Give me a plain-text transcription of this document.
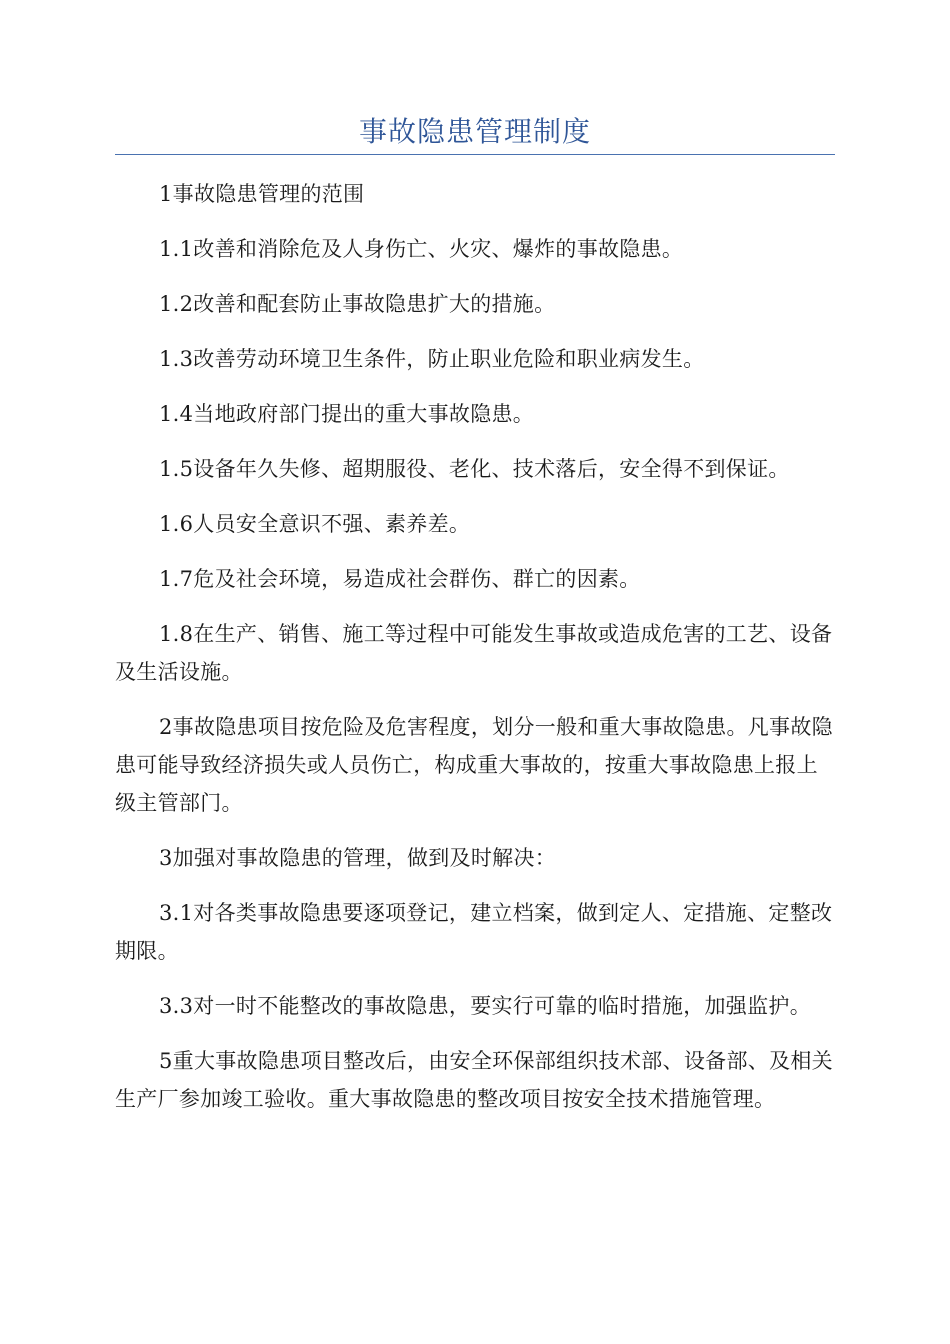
事故隐患管理制度

1事故隐患管理的范围

1.1改善和消除危及人身伤亡、火灾、爆炸的事故隐患。

1.2改善和配套防止事故隐患扩大的措施。

1.3改善劳动环境卫生条件，防止职业危险和职业病发生。

1.4当地政府部门提出的重大事故隐患。

1.5设备年久失修、超期服役、老化、技术落后，安全得不到保证。

1.6人员安全意识不强、素养差。

1.7危及社会环境，易造成社会群伤、群亡的因素。

1.8在生产、销售、施工等过程中可能发生事故或造成危害的工艺、设备及生活设施。

2事故隐患项目按危险及危害程度，划分一般和重大事故隐患。凡事故隐患可能导致经济损失或人员伤亡，构成重大事故的，按重大事故隐患上报上级主管部门。

3加强对事故隐患的管理，做到及时解决：

3.1对各类事故隐患要逐项登记，建立档案，做到定人、定措施、定整改期限。

3.3对一时不能整改的事故隐患，要实行可靠的临时措施，加强监护。

5重大事故隐患项目整改后，由安全环保部组织技术部、设备部、及相关生产厂参加竣工验收。重大事故隐患的整改项目按安全技术措施管理。
